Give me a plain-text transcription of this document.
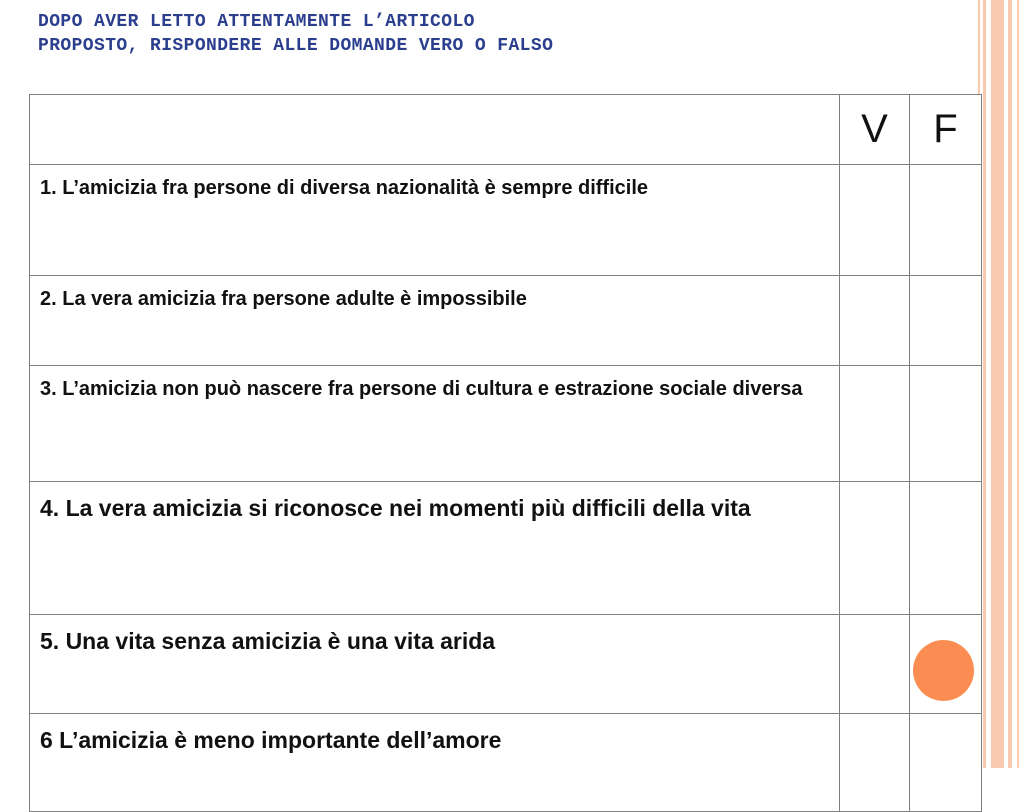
DOPO AVER LETTO ATTENTAMENTE L’ARTICOLO
PROPOSTO, RISPONDERE ALLE DOMANDE VERO O FALSO
	V	F
1. L’amicizia fra persone di diversa nazionalità è sempre difficile		
2. La vera amicizia fra persone adulte è impossibile		
3. L’amicizia non può nascere fra persone di cultura e estrazione sociale diversa		
4. La vera amicizia si riconosce nei momenti più difficili della vita		
5. Una vita senza amicizia è una vita arida		
6 L’amicizia è meno importante dell’amore		
